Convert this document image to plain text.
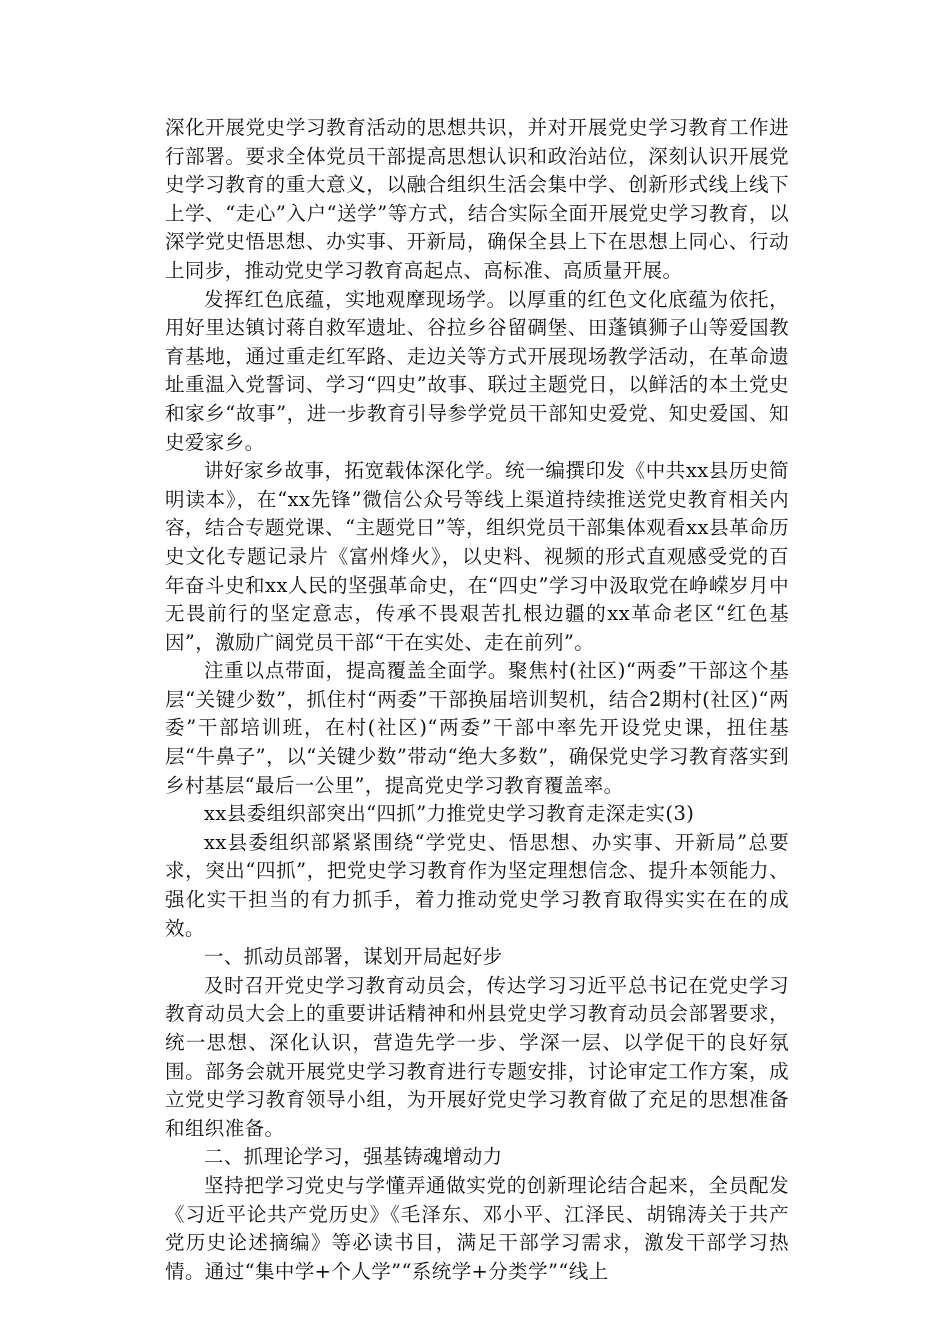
深化开展党史学习教育活动的思想共识，并对开展党史学习教育工作进行部署。要求全体党员干部提高思想认识和政治站位，深刻认识开展党史学习教育的重大意义，以融合组织生活会集中学、创新形式线上线下上学、“走心”入户“送学”等方式，结合实际全面开展党史学习教育，以深学党史悟思想、办实事、开新局，确保全县上下在思想上同心、行动上同步，推动党史学习教育高起点、高标准、高质量开展。

发挥红色底蕴，实地观摩现场学。以厚重的红色文化底蕴为依托，用好里达镇讨蒋自救军遗址、谷拉乡谷留碉堡、田蓬镇狮子山等爱国教育基地，通过重走红军路、走边关等方式开展现场教学活动，在革命遗址重温入党誓词、学习“四史”故事、联过主题党日，以鲜活的本土党史和家乡“故事”，进一步教育引导参学党员干部知史爱党、知史爱国、知史爱家乡。

讲好家乡故事，拓宽载体深化学。统一编撰印发《中共xx县历史简明读本》，在“xx先锋”微信公众号等线上渠道持续推送党史教育相关内容，结合专题党课、“主题党日”等，组织党员干部集体观看xx县革命历史文化专题记录片《富州烽火》，以史料、视频的形式直观感受党的百年奋斗史和xx人民的坚强革命史，在“四史”学习中汲取党在峥嵘岁月中无畏前行的坚定意志，传承不畏艰苦扎根边疆的xx革命老区“红色基因”，激励广阔党员干部“干在实处、走在前列”。

注重以点带面，提高覆盖全面学。聚焦村(社区)“两委”干部这个基层“关键少数”，抓住村“两委”干部换届培训契机，结合2期村(社区)“两委”干部培训班，在村(社区)“两委”干部中率先开设党史课，扭住基层“牛鼻子”，以“关键少数”带动“绝大多数”，确保党史学习教育落实到乡村基层“最后一公里”，提高党史学习教育覆盖率。

xx县委组织部突出“四抓”力推党史学习教育走深走实(3)

xx县委组织部紧紧围绕“学党史、悟思想、办实事、开新局”总要求，突出“四抓”，把党史学习教育作为坚定理想信念、提升本领能力、强化实干担当的有力抓手，着力推动党史学习教育取得实实在在的成效。

一、抓动员部署，谋划开局起好步

及时召开党史学习教育动员会，传达学习习近平总书记在党史学习教育动员大会上的重要讲话精神和州县党史学习教育动员会部署要求，统一思想、深化认识，营造先学一步、学深一层、以学促干的良好氛围。部务会就开展党史学习教育进行专题安排，讨论审定工作方案，成立党史学习教育领导小组，为开展好党史学习教育做了充足的思想准备和组织准备。

二、抓理论学习，强基铸魂增动力

坚持把学习党史与学懂弄通做实党的创新理论结合起来，全员配发《习近平论共产党历史》《毛泽东、邓小平、江泽民、胡锦涛关于共产党历史论述摘编》等必读书目，满足干部学习需求，激发干部学习热情。通过“集中学+个人学”“系统学+分类学”“线上
